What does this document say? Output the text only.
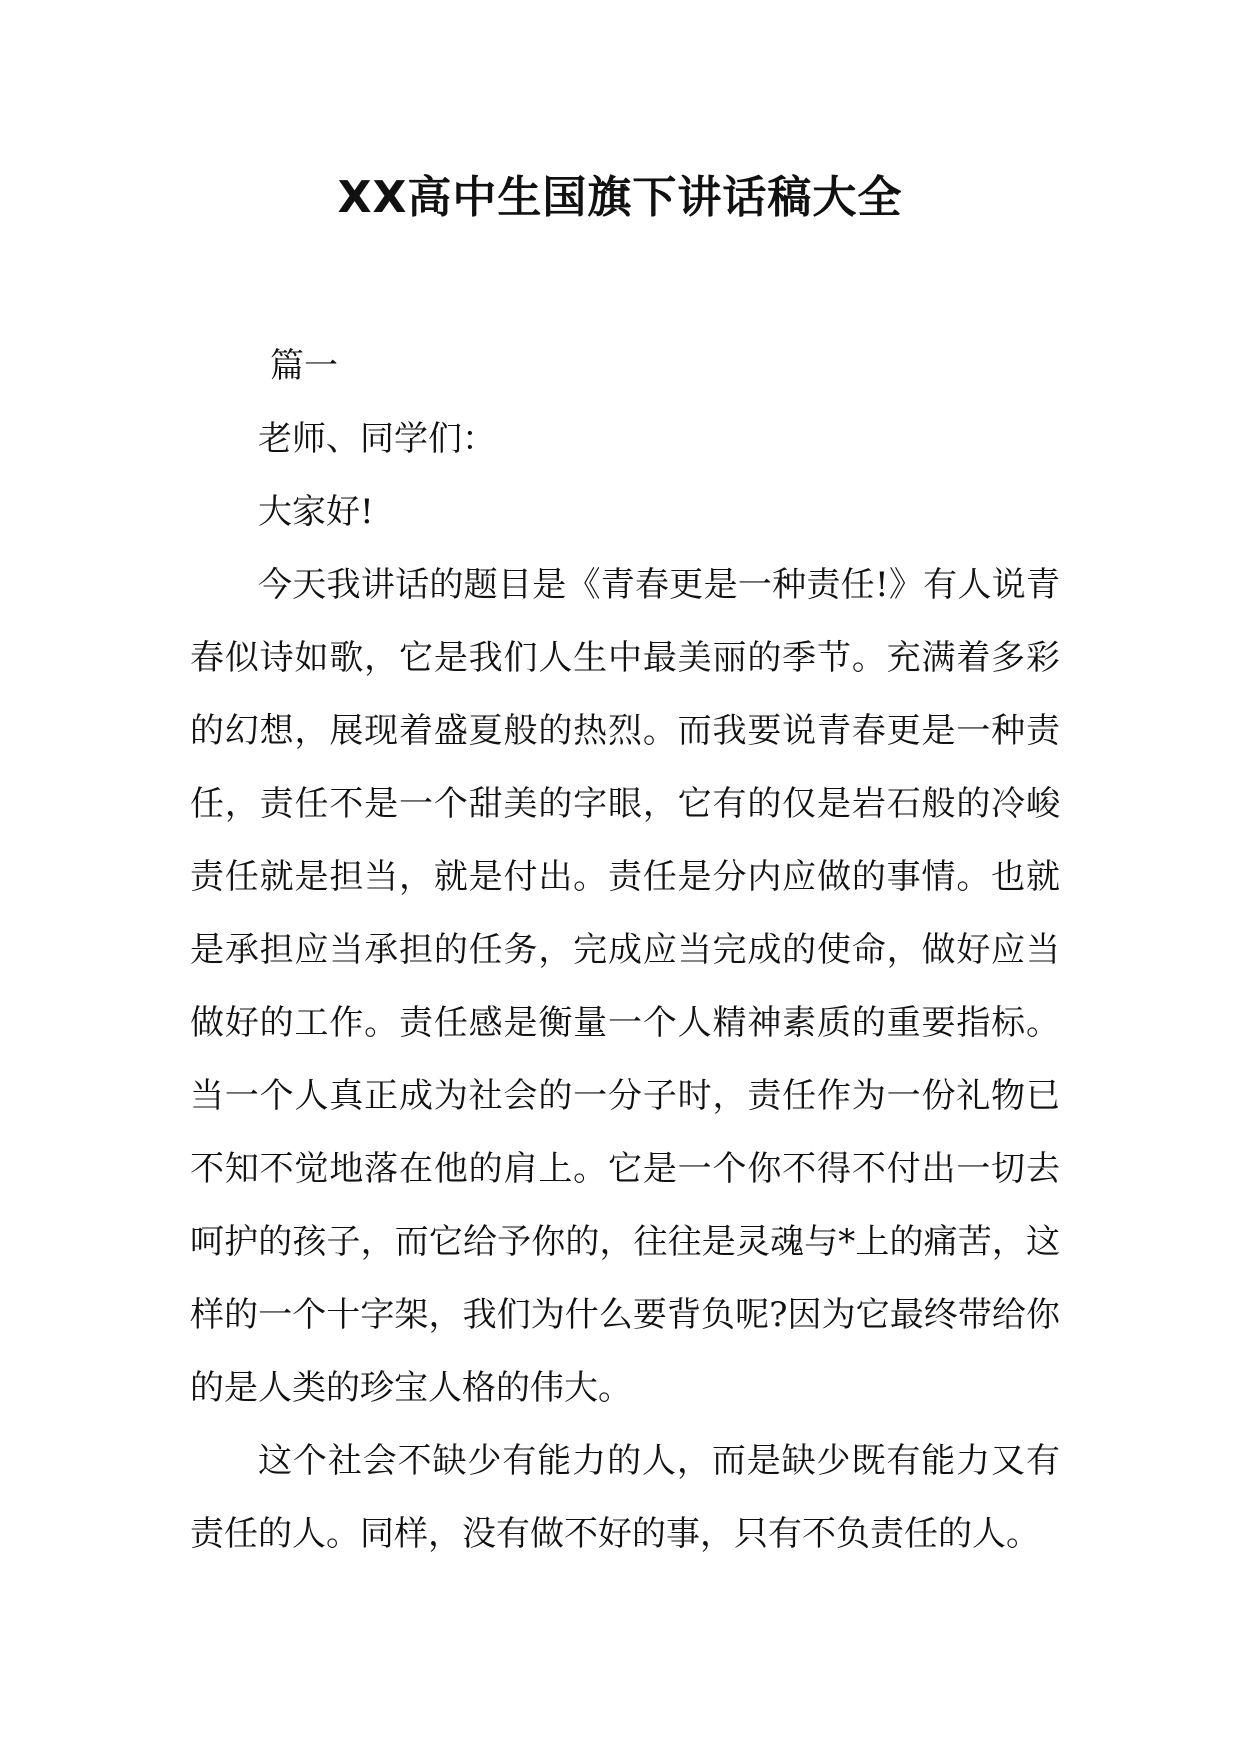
XX高中生国旗下讲话稿大全

篇一

老师、同学们：

大家好!

今天我讲话的题目是《青春更是一种责任!》有人说青春似诗如歌，它是我们人生中最美丽的季节。充满着多彩的幻想，展现着盛夏般的热烈。而我要说青春更是一种责任，责任不是一个甜美的字眼，它有的仅是岩石般的冷峻责任就是担当，就是付出。责任是分内应做的事情。也就是承担应当承担的任务，完成应当完成的使命，做好应当做好的工作。责任感是衡量一个人精神素质的重要指标。当一个人真正成为社会的一分子时，责任作为一份礼物已不知不觉地落在他的肩上。它是一个你不得不付出一切去呵护的孩子，而它给予你的，往往是灵魂与*上的痛苦，这样的一个十字架，我们为什么要背负呢?因为它最终带给你的是人类的珍宝人格的伟大。

这个社会不缺少有能力的人，而是缺少既有能力又有责任的人。同样，没有做不好的事，只有不负责任的人。
